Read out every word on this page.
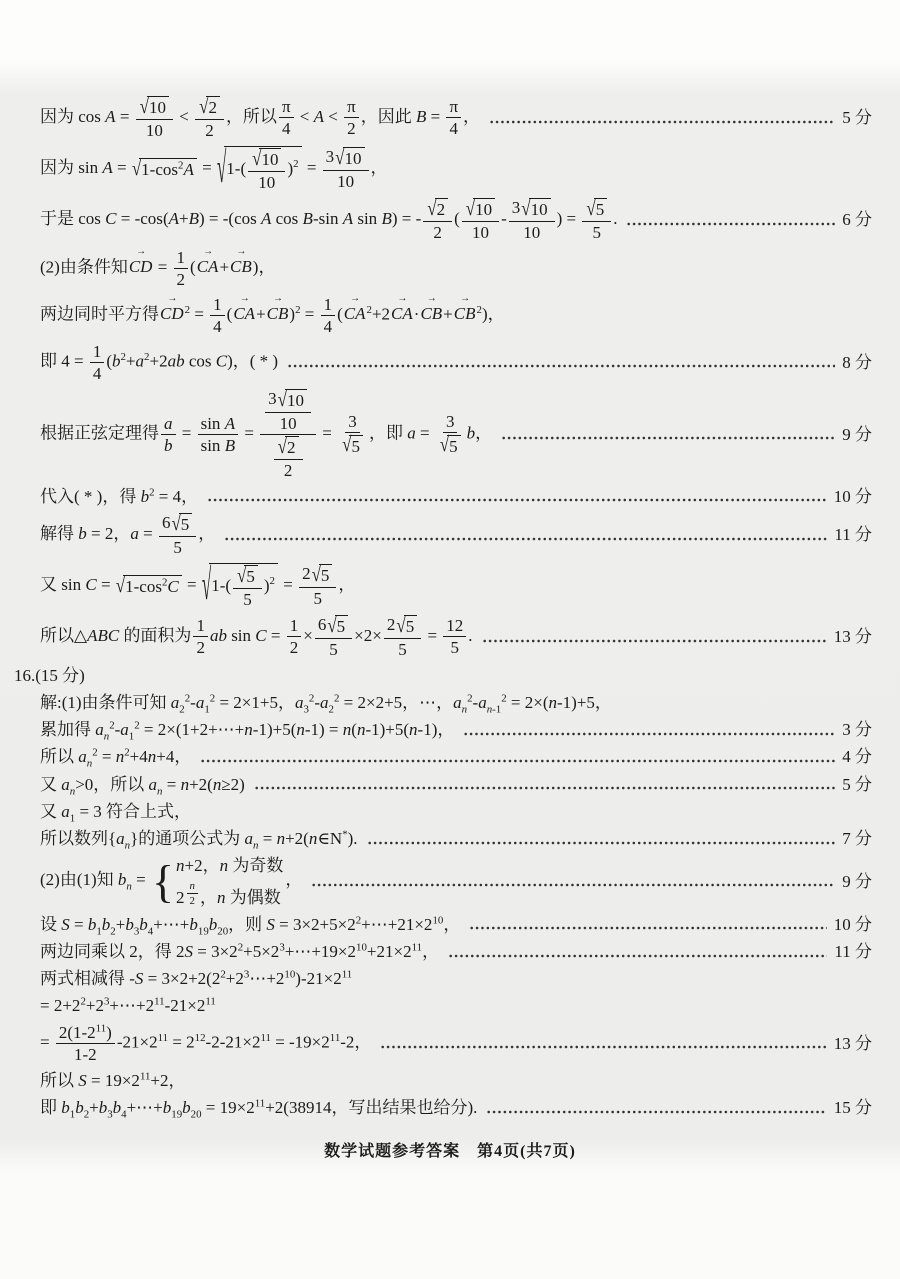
因为 $\cos A = \frac{√ 10}{10} < \frac{√ 2}{2}$ ，所以 $\frac{\pi}{4} < A < \frac{\pi}{2}$ ，因此 $B = \frac{\pi}{4}$ ，	5 分
因为 sin A = √ $1-\cos^2A$ = √ $1-( \frac{√ 10}{10} )^2 = \frac{3 √ 10}{10}$ ，
于是 cos C = -cos(A+B) = -(cos A cos B-sin A sin B) = - $\frac{√ 2}{2}$ ( $\frac{√ 10}{10} - \frac{3 √ 10}{10}$ ) = $\frac{√ 5}{5}$ .	6 分
(2)由条件知
→
CD = $\frac{1}{2}$ (
→
CA+
→
CB)，
两边同时平方得
→
$CD^2 = \frac{1}{4}$ (
→
CA+
→
$CB)^2 = \frac{1}{4}$ (
→
$CA^2+2$
→
CA·
→
CB+
→
$CB^2$)，
即 $4 = \frac{1}{4} (b^2+a^2+2ab$ cos C)，( * )	8 分
根据正弦定理得 $\frac{a}{b} = \frac{\text{sin A}}{\text{sin B}} = \frac{\frac{3 √ 10}{10}}{\frac{√ 2}{2}} = \frac{3}{√ 5}$ ，即 $a = \frac{3}{√ 5}$ b，	9 分
代入( * )，得 $b^2 = 4$，	10 分
解得 b = 2，$a = \frac{6 √ 5}{5}$ ，	11 分
又 sin C = √ $1-\cos^2C$ = √ $1-( \frac{√ 5}{5} )^2 = \frac{2 √ 5}{5}$ ，
所以△ABC 的面积为 $\frac{1}{2}$ ab $\sin C = \frac{1}{2} \times \frac{6 √ 5}{5} \times 2\times \frac{2 √ 5}{5} = \frac{12}{5}$ .	13 分
16.(15 分)
解:(1)由条件可知 $a_2^2-a_1^2 = 2\times 1+5$，$a_3^2-a_2^2 = 2\times 2+5$，⋯，$a_n^2-a_{n-1}^2 = 2\times(n-1)+5$，
累加得 $a_n^2-a_1^2$ = 2×(1+2+⋯+n-1)+5(n-1) = n(n-1)+5(n-1)，	3 分
所以 $a_n^2 = n^2+4n+4$，	4 分
又 $a_n>0$，所以 $a_n = n+2(n\ge 2)$	5 分
又 $a_1 = 3$ 符合上式，
所以数列$\{a_n\}$的通项公式为 $a_n$ = n+2(n∈N*).	7 分
(2)由(1)知 $b_n$ = { n+2，n 为奇数
2 $^{\frac{n}{2}}$ ，n 为偶数
，	9 分
设 $S = b_1b_2+b_3b_4+\cdots+b_{19}b_{20}$，则 $S = 3\times 2+5\times 2^2+\cdots+21\times 2^{10}$，	10 分
两边同乘以 2，得 $2S = 3\times 2^2+5\times 2^3+\cdots+19\times 2^{10}+21\times 2^{11}$，	11 分
两式相减得 $-S = 3\times 2+2(2^2+2^3\cdots+2^{10})-21\times 2^{11}$
= $2+2^2+2^3+\cdots+2^{11}-21\times 2^{11}$
= $\frac{2(1-2^{11})}{1-2} -21\times 2^{11} = 2^{12}-2-21\times 2^{11} = -19\times 2^{11}-2$，	13 分
所以 $S = 19\times 2^{11}+2$，
即 $b_1b_2+b_3b_4+\cdots+b_{19}b_{20} = 19\times 2^{11}+2(38914$，写出结果也给分).	15 分
数学试题参考答案　第4页(共7页)
